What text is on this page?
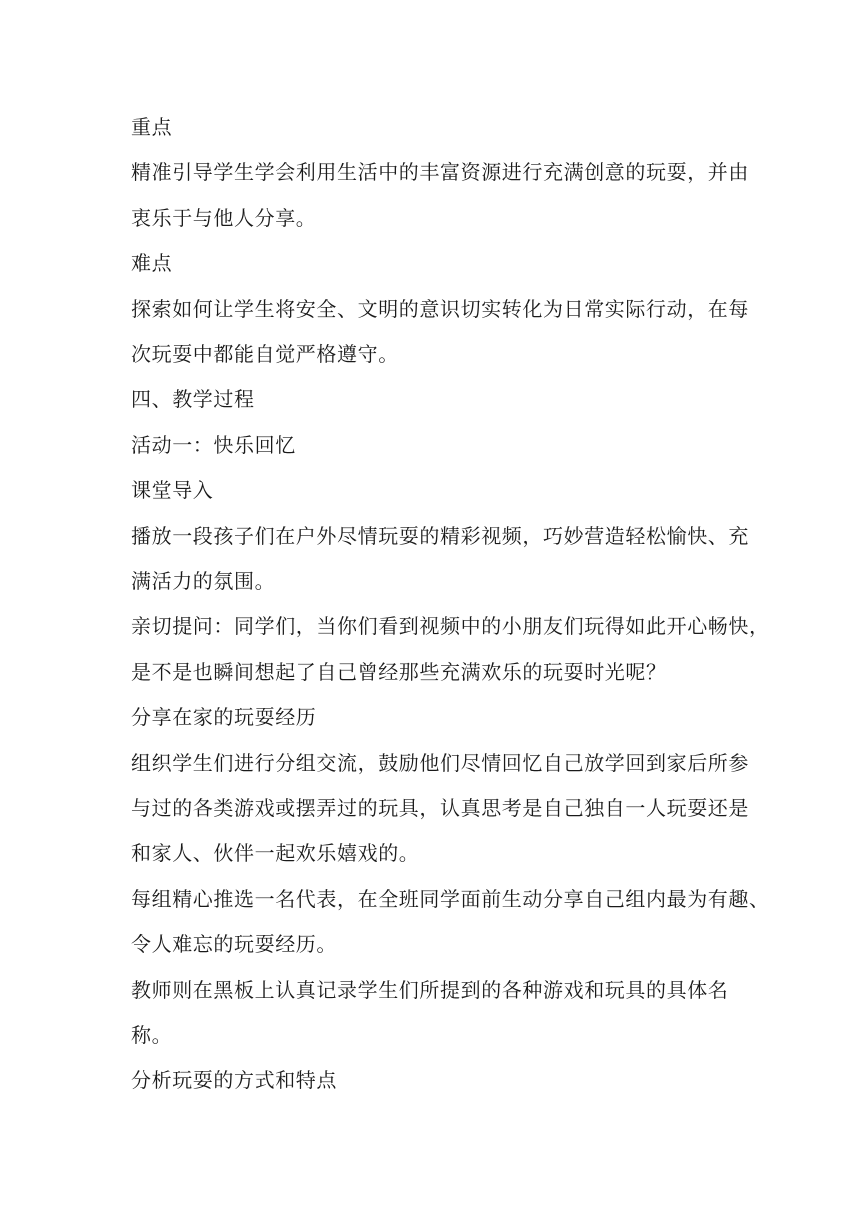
重点
精准引导学生学会利用生活中的丰富资源进行充满创意的玩耍，并由
衷乐于与他人分享。
难点
探索如何让学生将安全、文明的意识切实转化为日常实际行动，在每
次玩耍中都能自觉严格遵守。
四、教学过程
活动一：快乐回忆
课堂导入
播放一段孩子们在户外尽情玩耍的精彩视频，巧妙营造轻松愉快、充
满活力的氛围。
亲切提问：同学们，当你们看到视频中的小朋友们玩得如此开心畅快，
是不是也瞬间想起了自己曾经那些充满欢乐的玩耍时光呢？
分享在家的玩耍经历
组织学生们进行分组交流，鼓励他们尽情回忆自己放学回到家后所参
与过的各类游戏或摆弄过的玩具，认真思考是自己独自一人玩耍还是
和家人、伙伴一起欢乐嬉戏的。
每组精心推选一名代表，在全班同学面前生动分享自己组内最为有趣、
令人难忘的玩耍经历。
教师则在黑板上认真记录学生们所提到的各种游戏和玩具的具体名
称。
分析玩耍的方式和特点
